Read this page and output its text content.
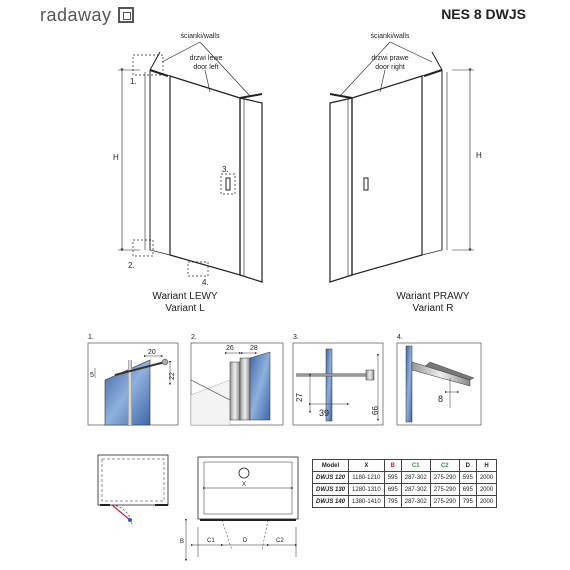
radaway	NES 8 DWJS
ścianki/walls
drzwi lewe
door left
1.
2.
3.
4.
H
ścianki/walls
drzwi prawe
door right
H
1.
20
5	22
2.
26 28
3.
27
39	66
4.
8
X
B	C1	D	C2
Wariant LEWY
Variant L
Wariant PRAWY
Variant R
Model	X	B	C1	C2	D	H
DWJS 120	1180-1210	595	287-302	275-290	595	2000
DWJS 130	1280-1310	695	287-302	275-290	695	2000
DWJS 140	1380-1410	795	287-302	275-290	795	2000
